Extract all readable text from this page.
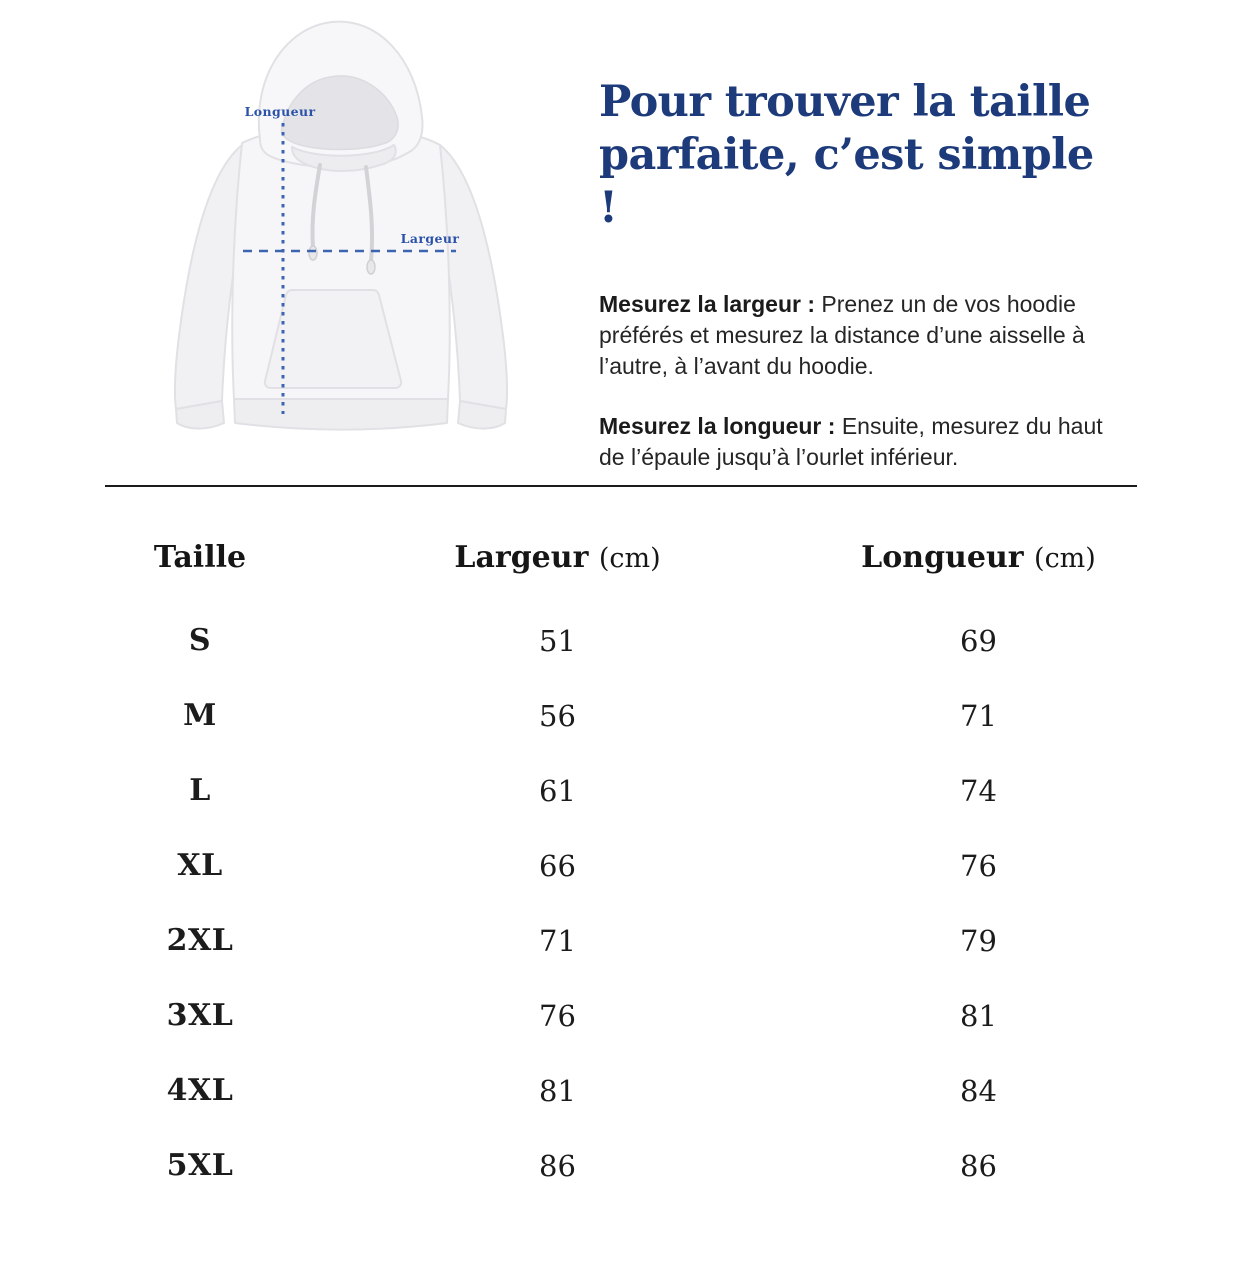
Longueur
Largeur
Pour trouver la taille parfaite, c’est simple !

Mesurez la largeur : Prenez un de vos hoodie préférés et mesurez la distance d’une aisselle à l’autre, à l’avant du hoodie.

Mesurez la longueur : Ensuite, mesurez du haut de l’épaule jusqu’à l’ourlet inférieur.

Taille	Largeur (cm)	Longueur (cm)
S	51	69
M	56	71
L	61	74
XL	66	76
2XL	71	79
3XL	76	81
4XL	81	84
5XL	86	86
